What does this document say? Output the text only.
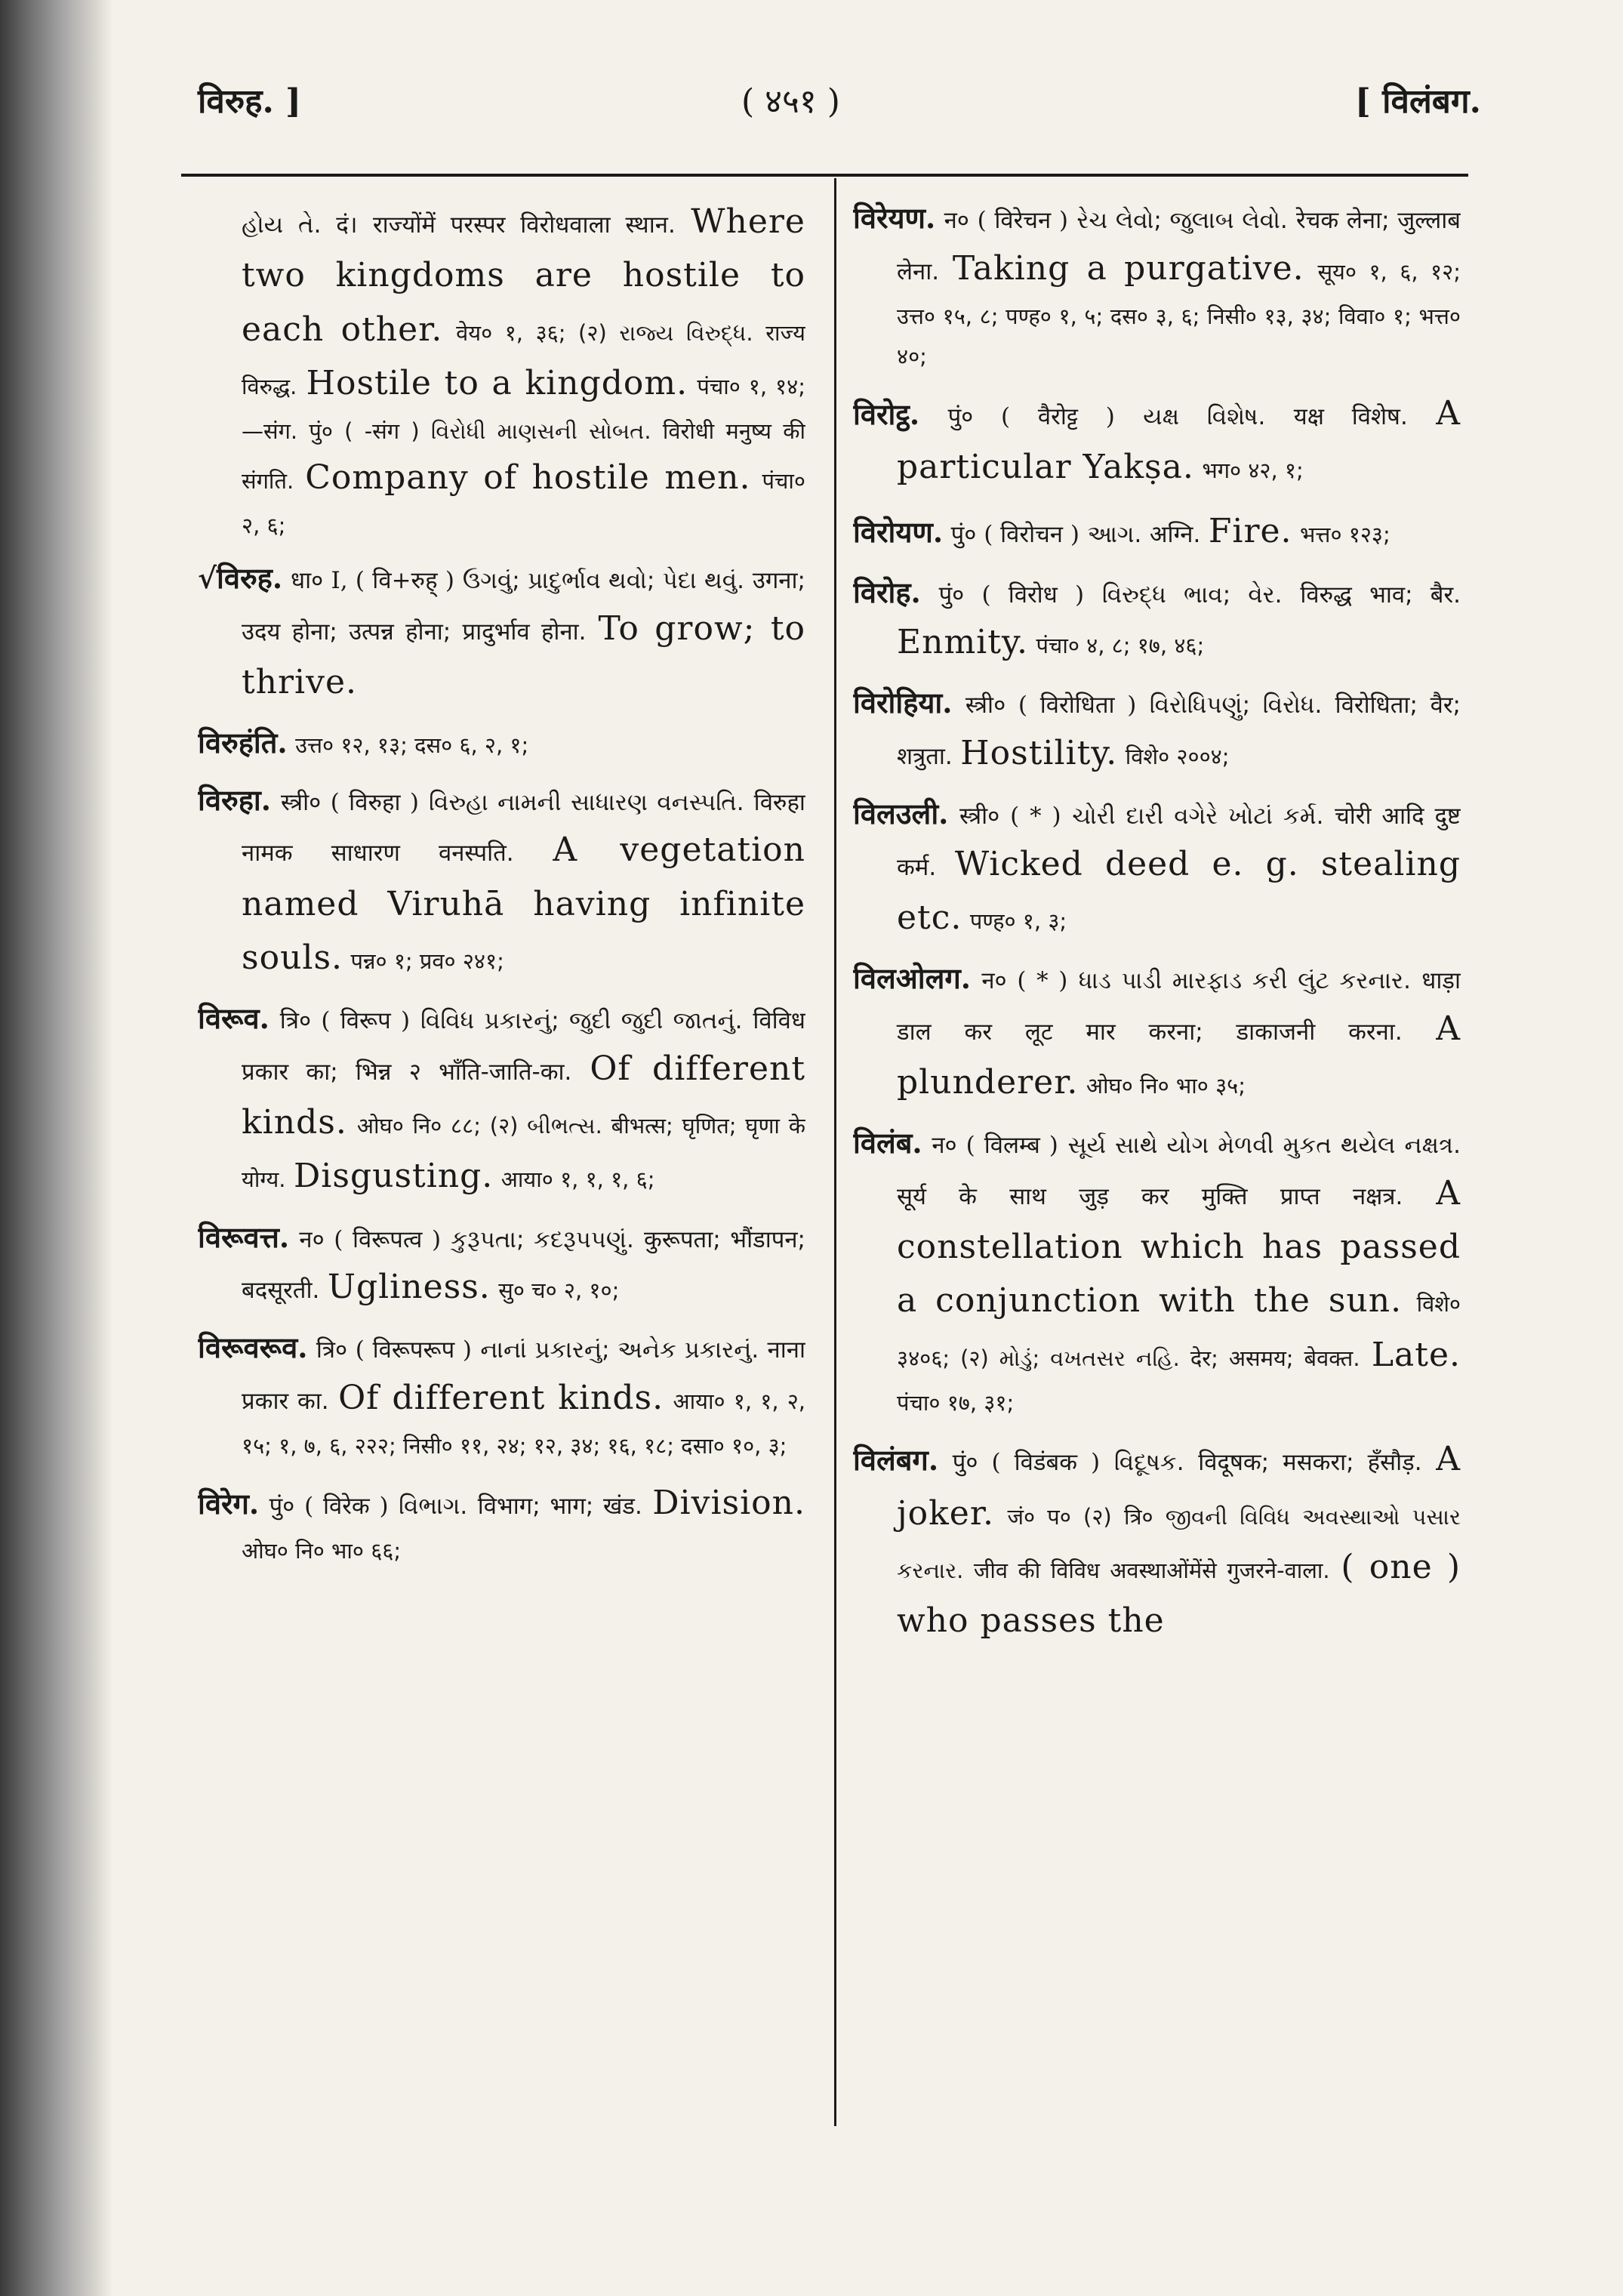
विरुह. ]	( ४५१ )	[ विलंबग.

હોય તે. दं। राज्योंमें परस्पर विरोधवाला स्थान. Where two kingdoms are hostile to each other. वेय० १, ३६; (२) રાજ્ય વિરુદ્ધ. राज्य विरुद्ध. Hostile to a kingdom. पंचा० १, १४; —संग. पुं० ( -संग ) વિરોધી માણસની સોબત. विरोधी मनुष्य की संगति. Company of hostile men. पंचा० २, ६;

√विरुह. धा० I, ( वि+रुह् ) ઉગવું; પ્રાદુર્ભાવ થવો; પેદા થવું. उगना; उदय होना; उत्पन्न होना; प्रादुर्भाव होना. To grow; to thrive.

विरुहंति. उत्त० १२, १३; दस० ६, २, १;

विरुहा. स्त्री० ( विरुहा ) વિરુહા નામની સાધારણ વનસ્પતિ. विरुहा नामक साधारण वनस्पति. A vegetation named Viruhā having infinite souls. पन्न० १; प्रव० २४१;

विरूव. त्रि० ( विरूप ) વિવિધ પ્રકારનું; જુદી જુદી જાતનું. विविध प्रकार का; भिन्न २ भाँति-जाति-का. Of different kinds. ओघ० नि० ८८; (२) બીભત્સ. बीभत्स; घृणित; घृणा के योग्य. Disgusting. आया० १, १, १, ६;

विरूवत्त. न० ( विरूपत्व ) કુરૂપતા; કદરૂપપણું. कुरूपता; भौंडापन; बदसूरती. Ugliness. सु० च० २, १०;

विरूवरूव. त्रि० ( विरूपरूप ) નાનાં પ્રકારનું; અનેક પ્રકારનું. नाना प्रकार का. Of different kinds. आया० १, १, २, १५; १, ७, ६, २२२; निसी० ११, २४; १२, ३४; १६, १८; दसा० १०, ३;

विरेग. पुं० ( विरेक ) વિભાગ. विभाग; भाग; खंड. Division. ओघ० नि० भा० ६६;

विरेयण. न० ( विरेचन ) રેચ લેવો; જુલાબ લેવો. रेचक लेना; जुल्लाब लेना. Taking a purgative. सूय० १, ६, १२; उत्त० १५, ८; पण्ह० १, ५; दस० ३, ६; निसी० १३, ३४; विवा० १; भत्त० ४०;

विरोट्ठ. पुं० ( वैरोट्ट ) યક્ષ વિશેષ. यक्ष विशेष. A particular Yakṣa. भग० ४२, १;

विरोयण. पुं० ( विरोचन ) આગ. अग्नि. Fire. भत्त० १२३;

विरोह. पुं० ( विरोध ) વિરુદ્ધ ભાવ; વેર. विरुद्ध भाव; बैर. Enmity. पंचा० ४, ८; १७, ४६;

विरोहिया. स्त्री० ( विरोधिता ) વિરોધિપણું; વિરોધ. विरोधिता; वैर; शत्रुता. Hostility. विशे० २००४;

विलउली. स्त्री० ( * ) ચોરી દારી વગેરે ખોટાં કર્મ. चोरी आदि दुष्ट कर्म. Wicked deed e. g. stealing etc. पण्ह० १, ३;

विलओलग. न० ( * ) ધાડ પાડી મારફાડ કરી લુંટ કરનાર. धाड़ा डाल कर लूट मार करना; डाकाजनी करना. A plunderer. ओघ० नि० भा० ३५;

विलंब. न० ( विलम्ब ) સૂર્ય સાથે યોગ મેળવી મુકત થયેલ નક્ષત્ર. सूर्य के साथ जुड़ कर मुक्ति प्राप्त नक्षत्र. A constellation which has passed a conjunction with the sun. विशे० ३४०६; (२) મોડું; વખતસર નહિ. देर; असमय; बेवक्त. Late. पंचा० १७, ३१;

विलंबग. पुं० ( विडंबक ) વિદૂષક. विदूषक; मसकरा; हँसौड़. A joker. जं० प० (२) त्रि० જીવની વિવિધ અવસ્થાઓ પસાર કરનાર. जीव की विविध अवस्थाओंमेंसे गुजरने-वाला. ( one ) who passes the
